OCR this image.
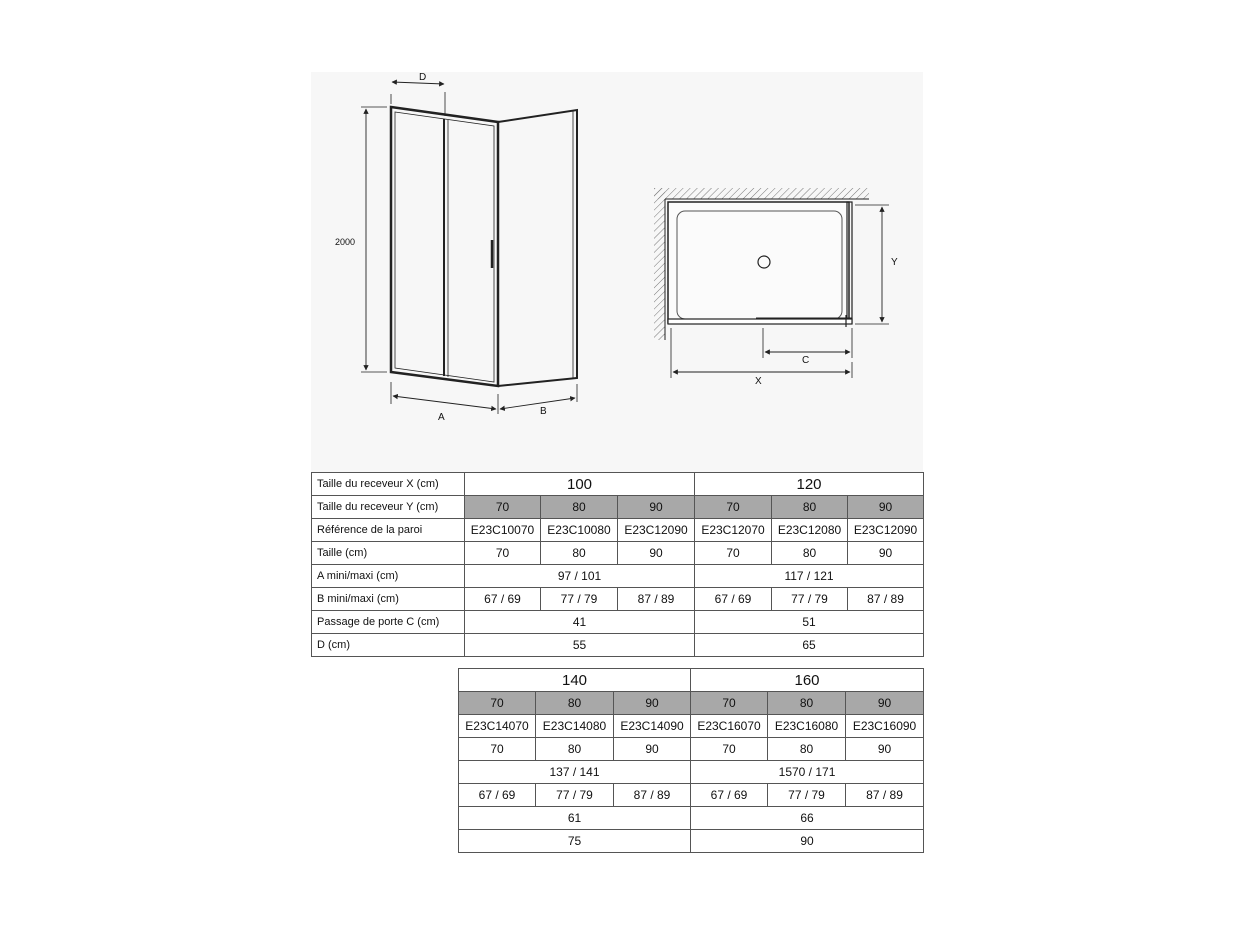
D
2000
A
B
Y
C
X
Taille du receveur X (cm)	100			120		
Taille du receveur Y (cm)	70	80	90	70	80	90
Référence de la paroi	E23C10070	E23C10080	E23C12090	E23C12070	E23C12080	E23C12090
Taille (cm)	70	80	90	70	80	90
A mini/maxi (cm)	97 / 101			117 / 121		
B mini/maxi (cm)	67 / 69	77 / 79	87 / 89	67 / 69	77 / 79	87 / 89
Passage de porte C (cm)	41			51		
D (cm)	55			65		
140			160		
70	80	90	70	80	90
E23C14070	E23C14080	E23C14090	E23C16070	E23C16080	E23C16090
70	80	90	70	80	90
137 / 141			1570 / 171		
67 / 69	77 / 79	87 / 89	67 / 69	77 / 79	87 / 89
61			66		
75			90		
